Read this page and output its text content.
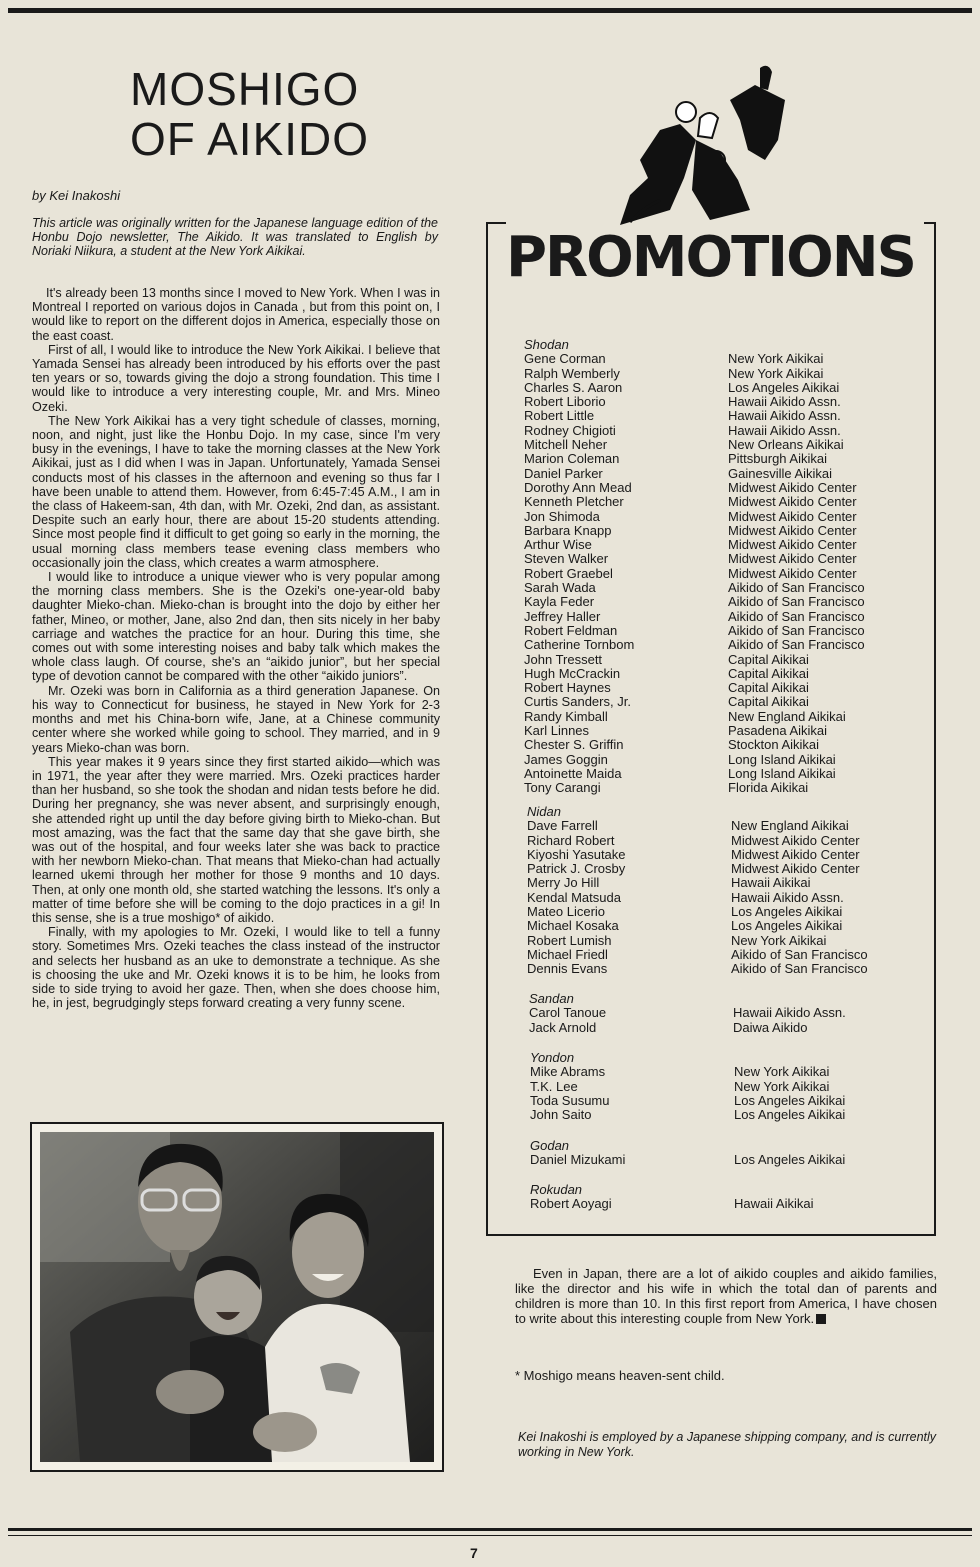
MOSHIGO
OF AIKIDO
by Kei Inakoshi

This article was originally written for the Japanese language edition of the Honbu Dojo newsletter, The Aikido. It was translated to English by Noriaki Niikura, a student at the New York Aikikai.

It's already been 13 months since I moved to New York. When I was in Montreal I reported on various dojos in Canada , but from this point on, I would like to report on the different dojos in America, especially those on the east coast.

First of all, I would like to introduce the New York Aikikai. I believe that Yamada Sensei has already been introduced by his efforts over the past ten years or so, towards giving the dojo a strong foundation. This time I would like to introduce a very interesting couple, Mr. and Mrs. Mineo Ozeki.

The New York Aikikai has a very tight schedule of classes, morning, noon, and night, just like the Honbu Dojo. In my case, since I'm very busy in the evenings, I have to take the morning classes at the New York Aikikai, just as I did when I was in Japan. Unfortunately, Yamada Sensei conducts most of his classes in the afternoon and evening so thus far I have been unable to attend them. However, from 6:45-7:45 A.M., I am in the class of Hakeem-san, 4th dan, with Mr. Ozeki, 2nd dan, as assistant. Despite such an early hour, there are about 15-20 students attending. Since most people find it difficult to get going so early in the morning, the usual morning class members tease evening class members who occasionally join the class, which creates a warm atmosphere.

I would like to introduce a unique viewer who is very popular among the morning class members. She is the Ozeki's one-year-old baby daughter Mieko-chan. Mieko-chan is brought into the dojo by either her father, Mineo, or mother, Jane, also 2nd dan, then sits nicely in her baby carriage and watches the practice for an hour. During this time, she comes out with some interesting noises and baby talk which makes the whole class laugh. Of course, she's an “aikido junior”, but her special type of devotion cannot be compared with the other “aikido juniors”.

Mr. Ozeki was born in California as a third generation Japanese. On his way to Connecticut for business, he stayed in New York for 2-3 months and met his China-born wife, Jane, at a Chinese community center where she worked while going to school. They married, and in 9 years Mieko-chan was born.

This year makes it 9 years since they first started aikido—which was in 1971, the year after they were married. Mrs. Ozeki practices harder than her husband, so she took the shodan and nidan tests before he did. During her pregnancy, she was never absent, and surprisingly enough, she attended right up until the day before giving birth to Mieko-chan. But most amazing, was the fact that the same day that she gave birth, she was out of the hospital, and four weeks later she was back to practice with her newborn Mieko-chan. That means that Mieko-chan had actually learned ukemi through her mother for those 9 months and 10 days. Then, at only one month old, she started watching the lessons. It's only a matter of time before she will be coming to the dojo practices in a gi! In this sense, she is a true moshigo* of aikido.

Finally, with my apologies to Mr. Ozeki, I would like to tell a funny story. Sometimes Mrs. Ozeki teaches the class instead of the instructor and selects her husband as an uke to demonstrate a technique. As she is choosing the uke and Mr. Ozeki knows it is to be him, he looks from side to side trying to avoid her gaze. Then, when she does choose him, he, in jest, begrudgingly steps forward creating a very funny scene.

PROMOTIONS
Shodan
Gene Corman	New York Aikikai
Ralph Wemberly	New York Aikikai
Charles S. Aaron	Los Angeles Aikikai
Robert Liborio	Hawaii Aikido Assn.
Robert Little	Hawaii Aikido Assn.
Rodney Chigioti	Hawaii Aikido Assn.
Mitchell Neher	New Orleans Aikikai
Marion Coleman	Pittsburgh Aikikai
Daniel Parker	Gainesville Aikikai
Dorothy Ann Mead	Midwest Aikido Center
Kenneth Pletcher	Midwest Aikido Center
Jon Shimoda	Midwest Aikido Center
Barbara Knapp	Midwest Aikido Center
Arthur Wise	Midwest Aikido Center
Steven Walker	Midwest Aikido Center
Robert Graebel	Midwest Aikido Center
Sarah Wada	Aikido of San Francisco
Kayla Feder	Aikido of San Francisco
Jeffrey Haller	Aikido of San Francisco
Robert Feldman	Aikido of San Francisco
Catherine Tornbom	Aikido of San Francisco
John Tressett	Capital Aikikai
Hugh McCrackin	Capital Aikikai
Robert Haynes	Capital Aikikai
Curtis Sanders, Jr.	Capital Aikikai
Randy Kimball	New England Aikikai
Karl Linnes	Pasadena Aikikai
Chester S. Griffin	Stockton Aikikai
James Goggin	Long Island Aikikai
Antoinette Maida	Long Island Aikikai
Tony Carangi	Florida Aikikai
Nidan
Dave Farrell	New England Aikikai
Richard Robert	Midwest Aikido Center
Kiyoshi Yasutake	Midwest Aikido Center
Patrick J. Crosby	Midwest Aikido Center
Merry Jo Hill	Hawaii Aikikai
Kendal Matsuda	Hawaii Aikido Assn.
Mateo Licerio	Los Angeles Aikikai
Michael Kosaka	Los Angeles Aikikai
Robert Lumish	New York Aikikai
Michael Friedl	Aikido of San Francisco
Dennis Evans	Aikido of San Francisco
Sandan
Carol Tanoue	Hawaii Aikido Assn.
Jack Arnold	Daiwa Aikido
Yondon
Mike Abrams	New York Aikikai
T.K. Lee	New York Aikikai
Toda Susumu	Los Angeles Aikikai
John Saito	Los Angeles Aikikai
Godan
Daniel Mizukami	Los Angeles Aikikai
Rokudan
Robert Aoyagi	Hawaii Aikikai

Even in Japan, there are a lot of aikido couples and aikido families, like the director and his wife in which the total dan of parents and children is more than 10. In this first report from America, I have chosen to write about this interesting couple from New York.

* Moshigo means heaven-sent child.

Kei Inakoshi is employed by a Japanese shipping company, and is currently working in New York.

7
